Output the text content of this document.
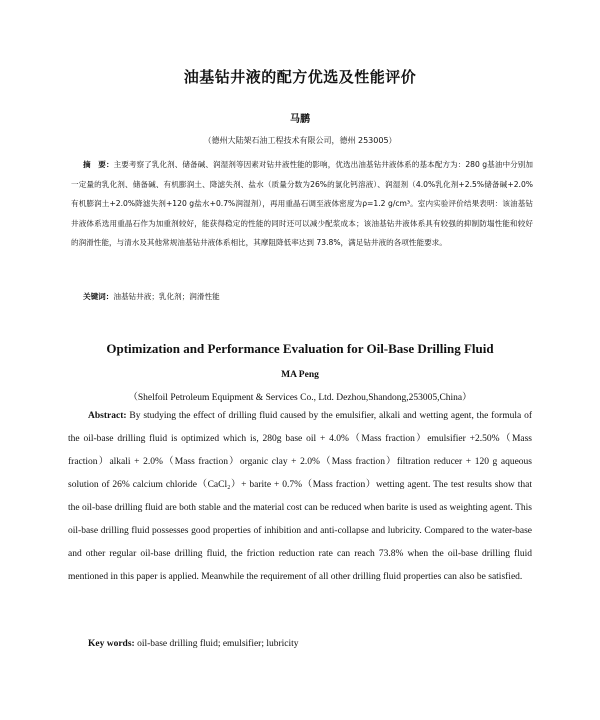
油基钻井液的配方优选及性能评价
马鹏
（德州大陆架石油工程技术有限公司，德州 253005）
摘　要：主要考察了乳化剂、储备碱、润湿剂等因素对钻井液性能的影响，优选出油基钻井液体系的基本配方为：280 g基油中分别加一定量的乳化剂、储备碱、有机膨润土、降滤失剂、盐水（质量分数为26%的氯化钙溶液）、润湿剂（4.0%乳化剂+2.5%储备碱+2.0%有机膨润土+2.0%降滤失剂+120 g盐水+0.7%润湿剂），再用重晶石调至液体密度为ρ=1.2 g/cm³。室内实验评价结果表明：该油基钻井液体系选用重晶石作为加重剂较好，能获得稳定的性能的同时还可以减少配浆成本；该油基钻井液体系具有较强的抑制防塌性能和较好的润滑性能，与清水及其他常规油基钻井液体系相比，其摩阻降低率达到 73.8%，满足钻井液的各项性能要求。
关键词：油基钻井液；乳化剂；润滑性能
Optimization and Performance Evaluation for Oil-Base Drilling Fluid
MA Peng
（Shelfoil Petroleum Equipment & Services Co., Ltd. Dezhou,Shandong,253005,China）
Abstract: By studying the effect of drilling fluid caused by the emulsifier, alkali and wetting agent, the formula of the oil-base drilling fluid is optimized which is, 280g base oil + 4.0%（Mass fraction）emulsifier +2.50%（Mass fraction）alkali + 2.0%（Mass fraction）organic clay + 2.0%（Mass fraction）filtration reducer + 120 g aqueous solution of 26% calcium chloride（CaCl₂）+ barite + 0.7%（Mass fraction）wetting agent. The test results show that the oil-base drilling fluid are both stable and the material cost can be reduced when barite is used as weighting agent. This oil-base drilling fluid possesses good properties of inhibition and anti-collapse and lubricity. Compared to the water-base and other regular oil-base drilling fluid, the friction reduction rate can reach 73.8% when the oil-base drilling fluid mentioned in this paper is applied. Meanwhile the requirement of all other drilling fluid properties can also be satisfied.
Key words: oil-base drilling fluid; emulsifier; lubricity
